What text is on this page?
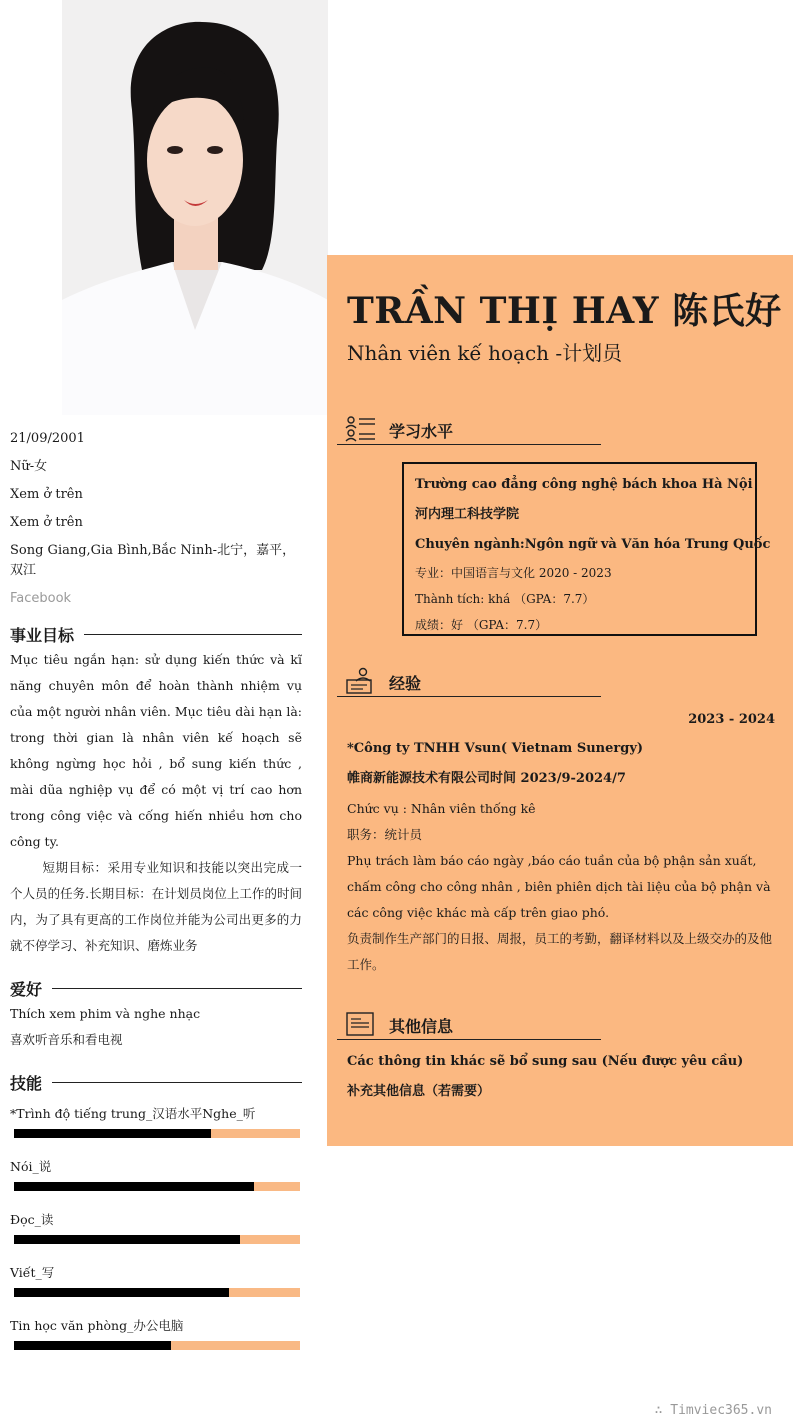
21/09/2001
Nữ-女
Xem ở trên
Xem ở trên
Song Giang,Gia Bình,Bắc Ninh-北宁，嘉平，双江
Facebook
事业目标
Mục tiêu ngắn hạn: sử dụng kiến thức và kĩ năng chuyên môn để hoàn thành nhiệm vụ của một người nhân viên. Mục tiêu dài hạn là: trong thời gian là nhân viên kế hoạch sẽ không ngừng học hỏi , bổ sung kiến thức , mài dũa nghiệp vụ để có một vị trí cao hơn trong công việc và cống hiến nhiều hơn cho công ty.
短期目标：采用专业知识和技能以突出完成一个人员的任务.长期目标：在计划员岗位上工作的时间内，为了具有更高的工作岗位并能为公司出更多的力就不停学习、补充知识、磨炼业务
爱好
Thích xem phim và nghe nhạc
喜欢听音乐和看电视
技能
*Trình độ tiếng trung_汉语水平Nghe_听
Nói_说
Đọc_读
Viết_写
Tin học văn phòng_办公电脑
TRẦN THỊ HAY 陈氏好
Nhân viên kế hoạch -计划员
学习水平
Trường cao đẳng công nghệ bách khoa Hà Nội
河内理工科技学院
Chuyên ngành:Ngôn ngữ và Văn hóa Trung Quốc
专业：中国语言与文化 2020 - 2023
Thành tích: khá （GPA：7.7）
成绩：好 （GPA：7.7）
经验
2023 - 2024
*Công ty TNHH Vsun( Vietnam Sunergy)
帷商新能源技术有限公司时间 2023/9-2024/7
Chức vụ : Nhân viên thống kê
职务：统计员
Phụ trách làm báo cáo ngày ,báo cáo tuần của bộ phận sản xuất, chấm công cho công nhân , biên phiên dịch tài liệu của bộ phận và các công việc khác mà cấp trên giao phó.
负责制作生产部门的日报、周报，员工的考勤，翻译材料以及上级交办的及他工作。
其他信息
Các thông tin khác sẽ bổ sung sau (Nếu được yêu cầu)
补充其他信息（若需要）
∴ Timviec365.vn
